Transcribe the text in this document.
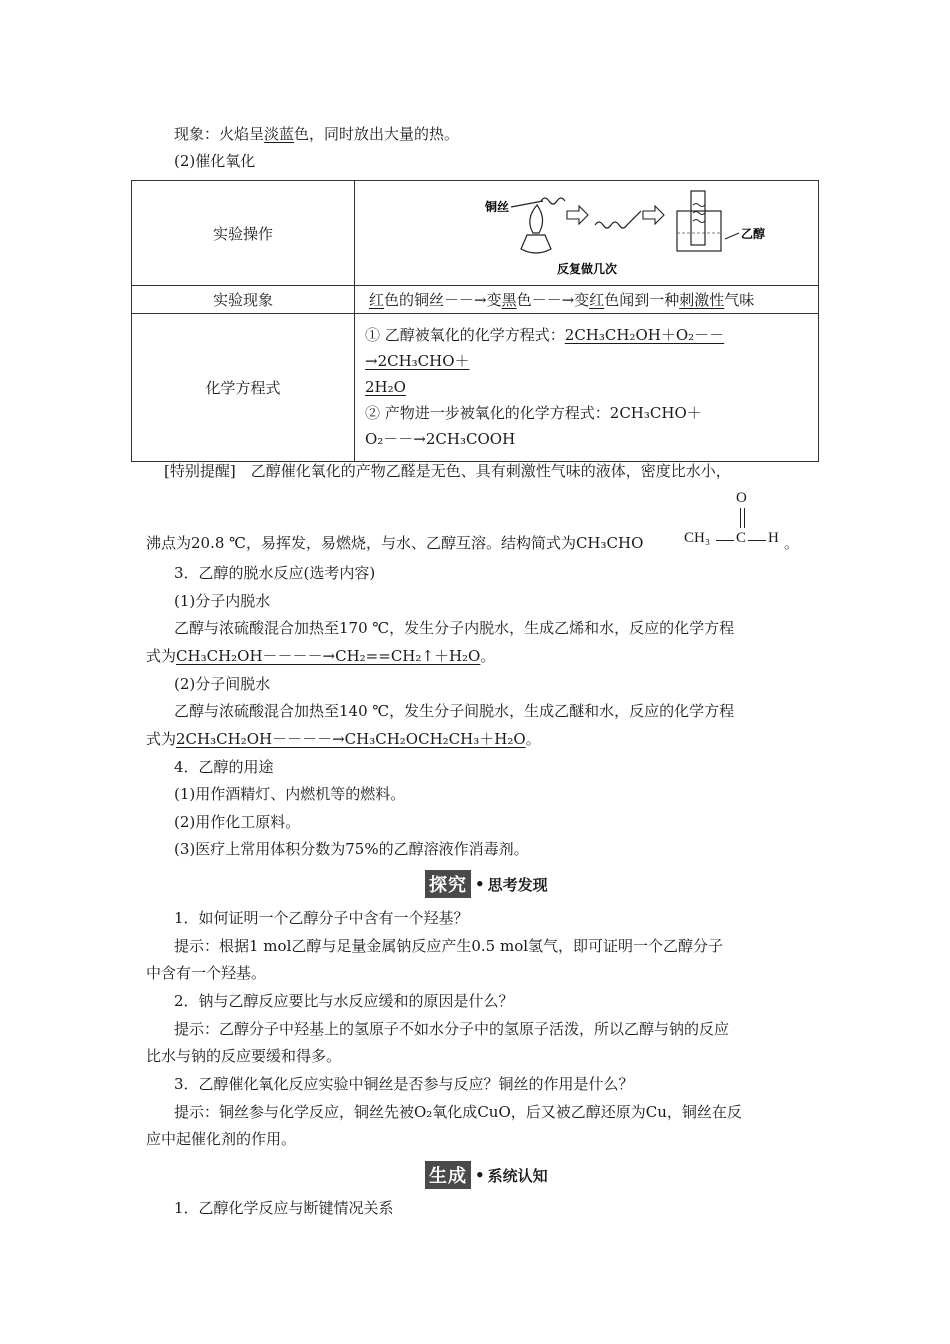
现象：火焰呈淡蓝色，同时放出大量的热。
(2)催化氧化
实验操作	铜丝
乙醇
反复做几次

实验现象	红色的铜丝－－→变黑色－－→变红色闻到一种刺激性气味
化学方程式	① 乙醇被氧化的化学方程式：2CH₃CH₂OH＋O₂－－→2CH₃CHO＋
2H₂O
② 产物进一步被氧化的化学方程式：2CH₃CHO＋
O₂－－→2CH₃COOH
[特别提醒]　乙醇催化氧化的产物乙醛是无色、具有刺激性气味的液体，密度比水小，
沸点为20.8 ℃，易挥发，易燃烧，与水、乙醇互溶。结构简式为CH₃CHO
O
CH₃ C H 。
3．乙醇的脱水反应(选考内容)
(1)分子内脱水
乙醇与浓硫酸混合加热至170 ℃，发生分子内脱水，生成乙烯和水，反应的化学方程
式为CH₃CH₂OH－－－－→CH₂==CH₂↑＋H₂O。
(2)分子间脱水
乙醇与浓硫酸混合加热至140 ℃，发生分子间脱水，生成乙醚和水，反应的化学方程
式为2CH₃CH₂OH－－－－→CH₃CH₂OCH₂CH₃＋H₂O。
4．乙醇的用途
(1)用作酒精灯、内燃机等的燃料。
(2)用作化工原料。
(3)医疗上常用体积分数为75%的乙醇溶液作消毒剂。
探究 • 思考发现
1．如何证明一个乙醇分子中含有一个羟基？
提示：根据1 mol乙醇与足量金属钠反应产生0.5 mol氢气，即可证明一个乙醇分子
中含有一个羟基。
2．钠与乙醇反应要比与水反应缓和的原因是什么？
提示：乙醇分子中羟基上的氢原子不如水分子中的氢原子活泼，所以乙醇与钠的反应
比水与钠的反应要缓和得多。
3．乙醇催化氧化反应实验中铜丝是否参与反应？铜丝的作用是什么？
提示：铜丝参与化学反应，铜丝先被O₂氧化成CuO，后又被乙醇还原为Cu，铜丝在反
应中起催化剂的作用。
生成 • 系统认知
1．乙醇化学反应与断键情况关系
